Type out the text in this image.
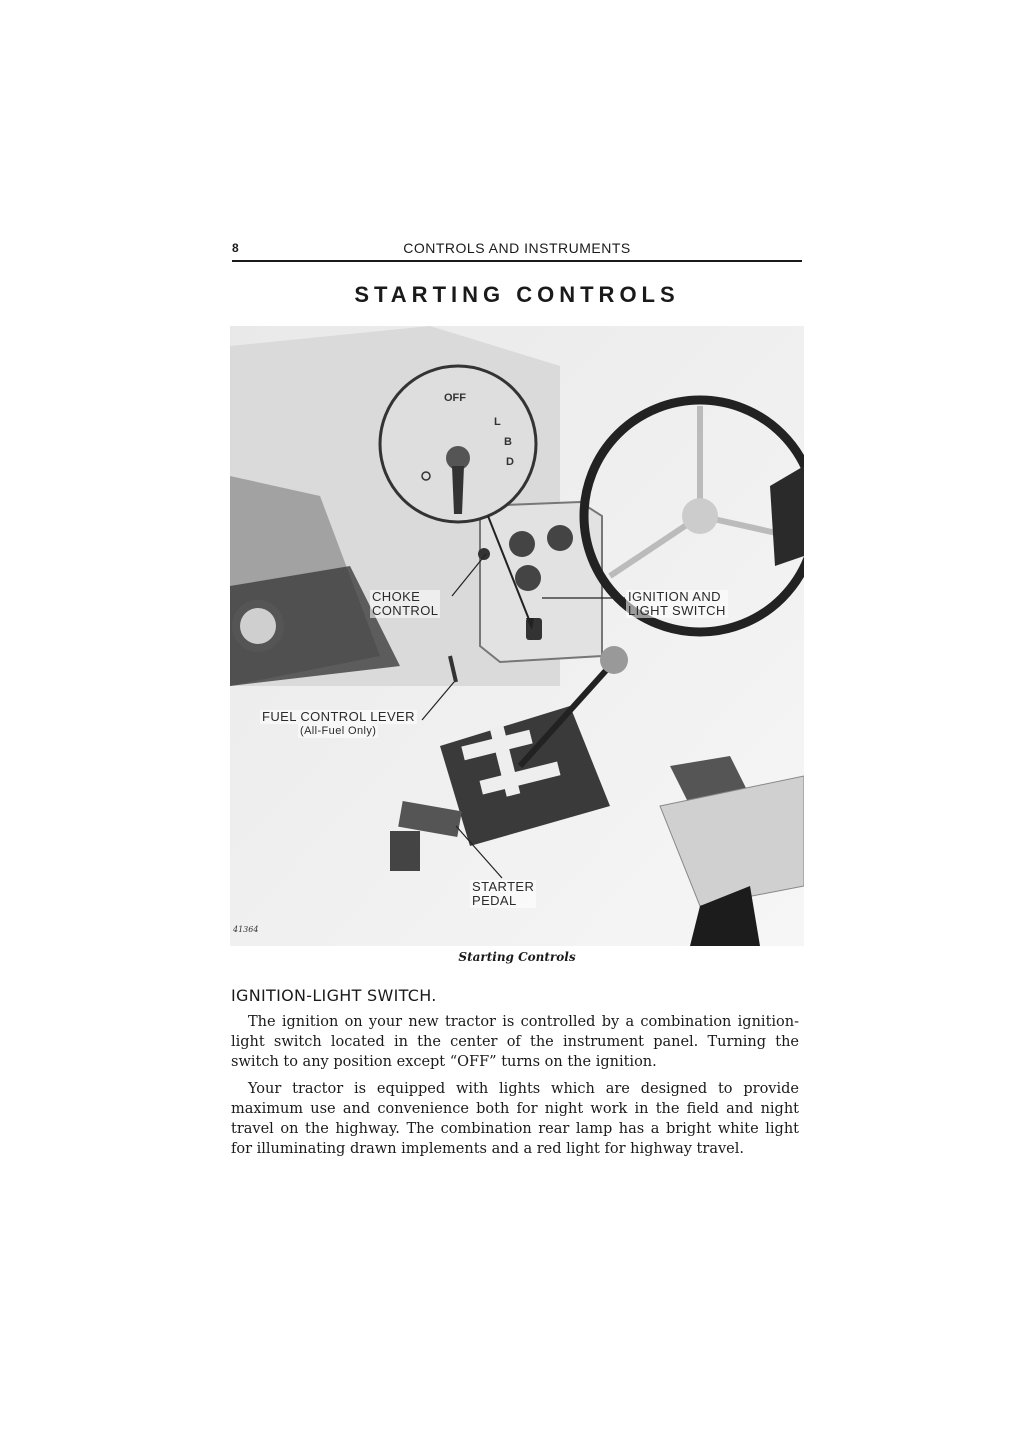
8	CONTROLS AND INSTRUMENTS
STARTING CONTROLS
OFF
L
B
D
CHOKE
CONTROL
IGNITION AND
LIGHT SWITCH
FUEL CONTROL LEVER
(All-Fuel Only)
STARTER
PEDAL
41364
Starting Controls
IGNITION-LIGHT SWITCH.

The ignition on your new tractor is controlled by a combination ignition-light switch located in the center of the instrument panel. Turning the switch to any position except “OFF” turns on the ignition.

Your tractor is equipped with lights which are designed to provide maximum use and convenience both for night work in the field and night travel on the highway. The combination rear lamp has a bright white light for illuminating drawn implements and a red light for highway travel.
